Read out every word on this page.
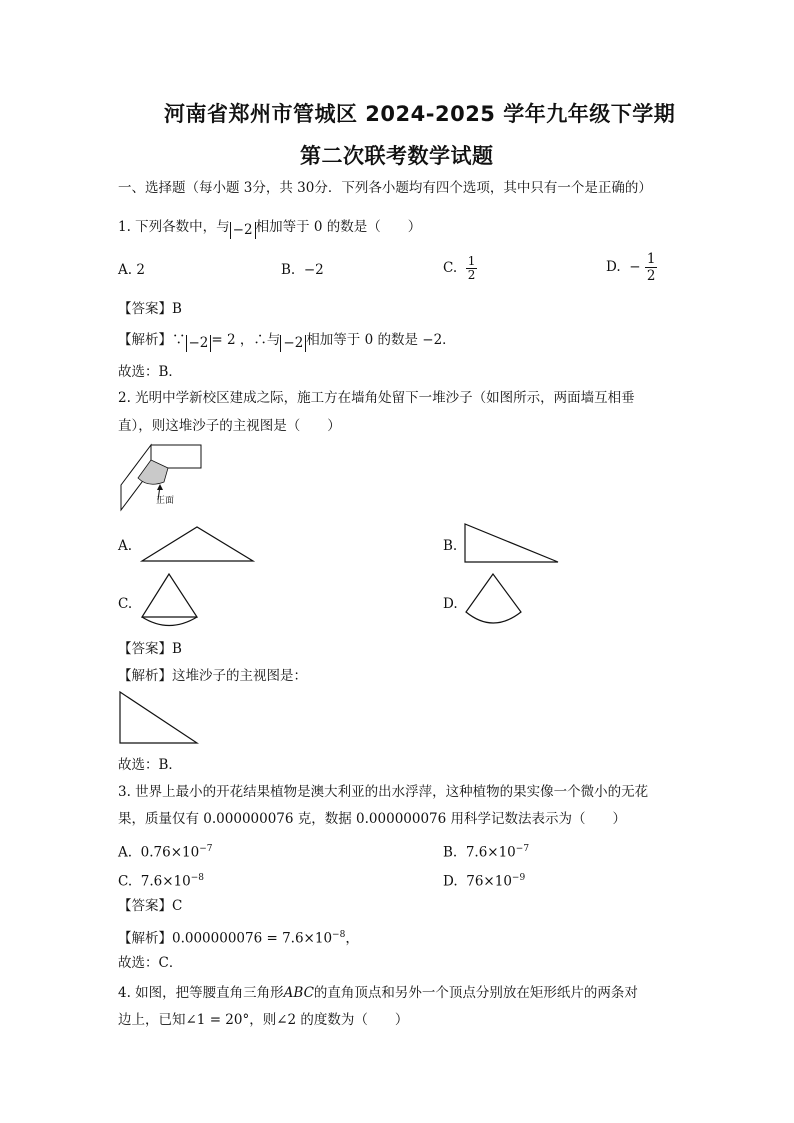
河南省郑州市管城区 2024-2025 学年九年级下学期
第二次联考数学试题
一、选择题（每小题 3分，共 30分．下列各小题均有四个选项，其中只有一个是正确的）
1. 下列各数中，与 −2 相加等于 0 的数是（　　）
A. 2	B. −2	C. $\frac{1}{2}$	D. − $\frac{1}{2}$
【答案】B
【解析】∵ −2 = 2 ，∴与 −2 相加等于 0 的数是 −2．
故选：B．
2. 光明中学新校区建成之际，施工方在墙角处留下一堆沙子（如图所示，两面墙互相垂
直），则这堆沙子的主视图是（　　）
正面
A.	B.
C.	D.
【答案】B
【解析】这堆沙子的主视图是：
故选：B．
3. 世界上最小的开花结果植物是澳大利亚的出水浮萍，这种植物的果实像一个微小的无花
果，质量仅有 0.000000076 克，数据 0.000000076 用科学记数法表示为（　　）
A. $0.76\times 10^{-7}$	B. $7.6\times 10^{-7}$
C. $7.6\times 10^{-8}$	D. $76\times 10^{-9}$
【答案】C
【解析】$0.000000076 = 7.6\times 10^{-8}$，
故选：C．
4. 如图，把等腰直角三角形ABC的直角顶点和另外一个顶点分别放在矩形纸片的两条对
边上，已知∠1 = 20°，则∠2 的度数为（　　）
